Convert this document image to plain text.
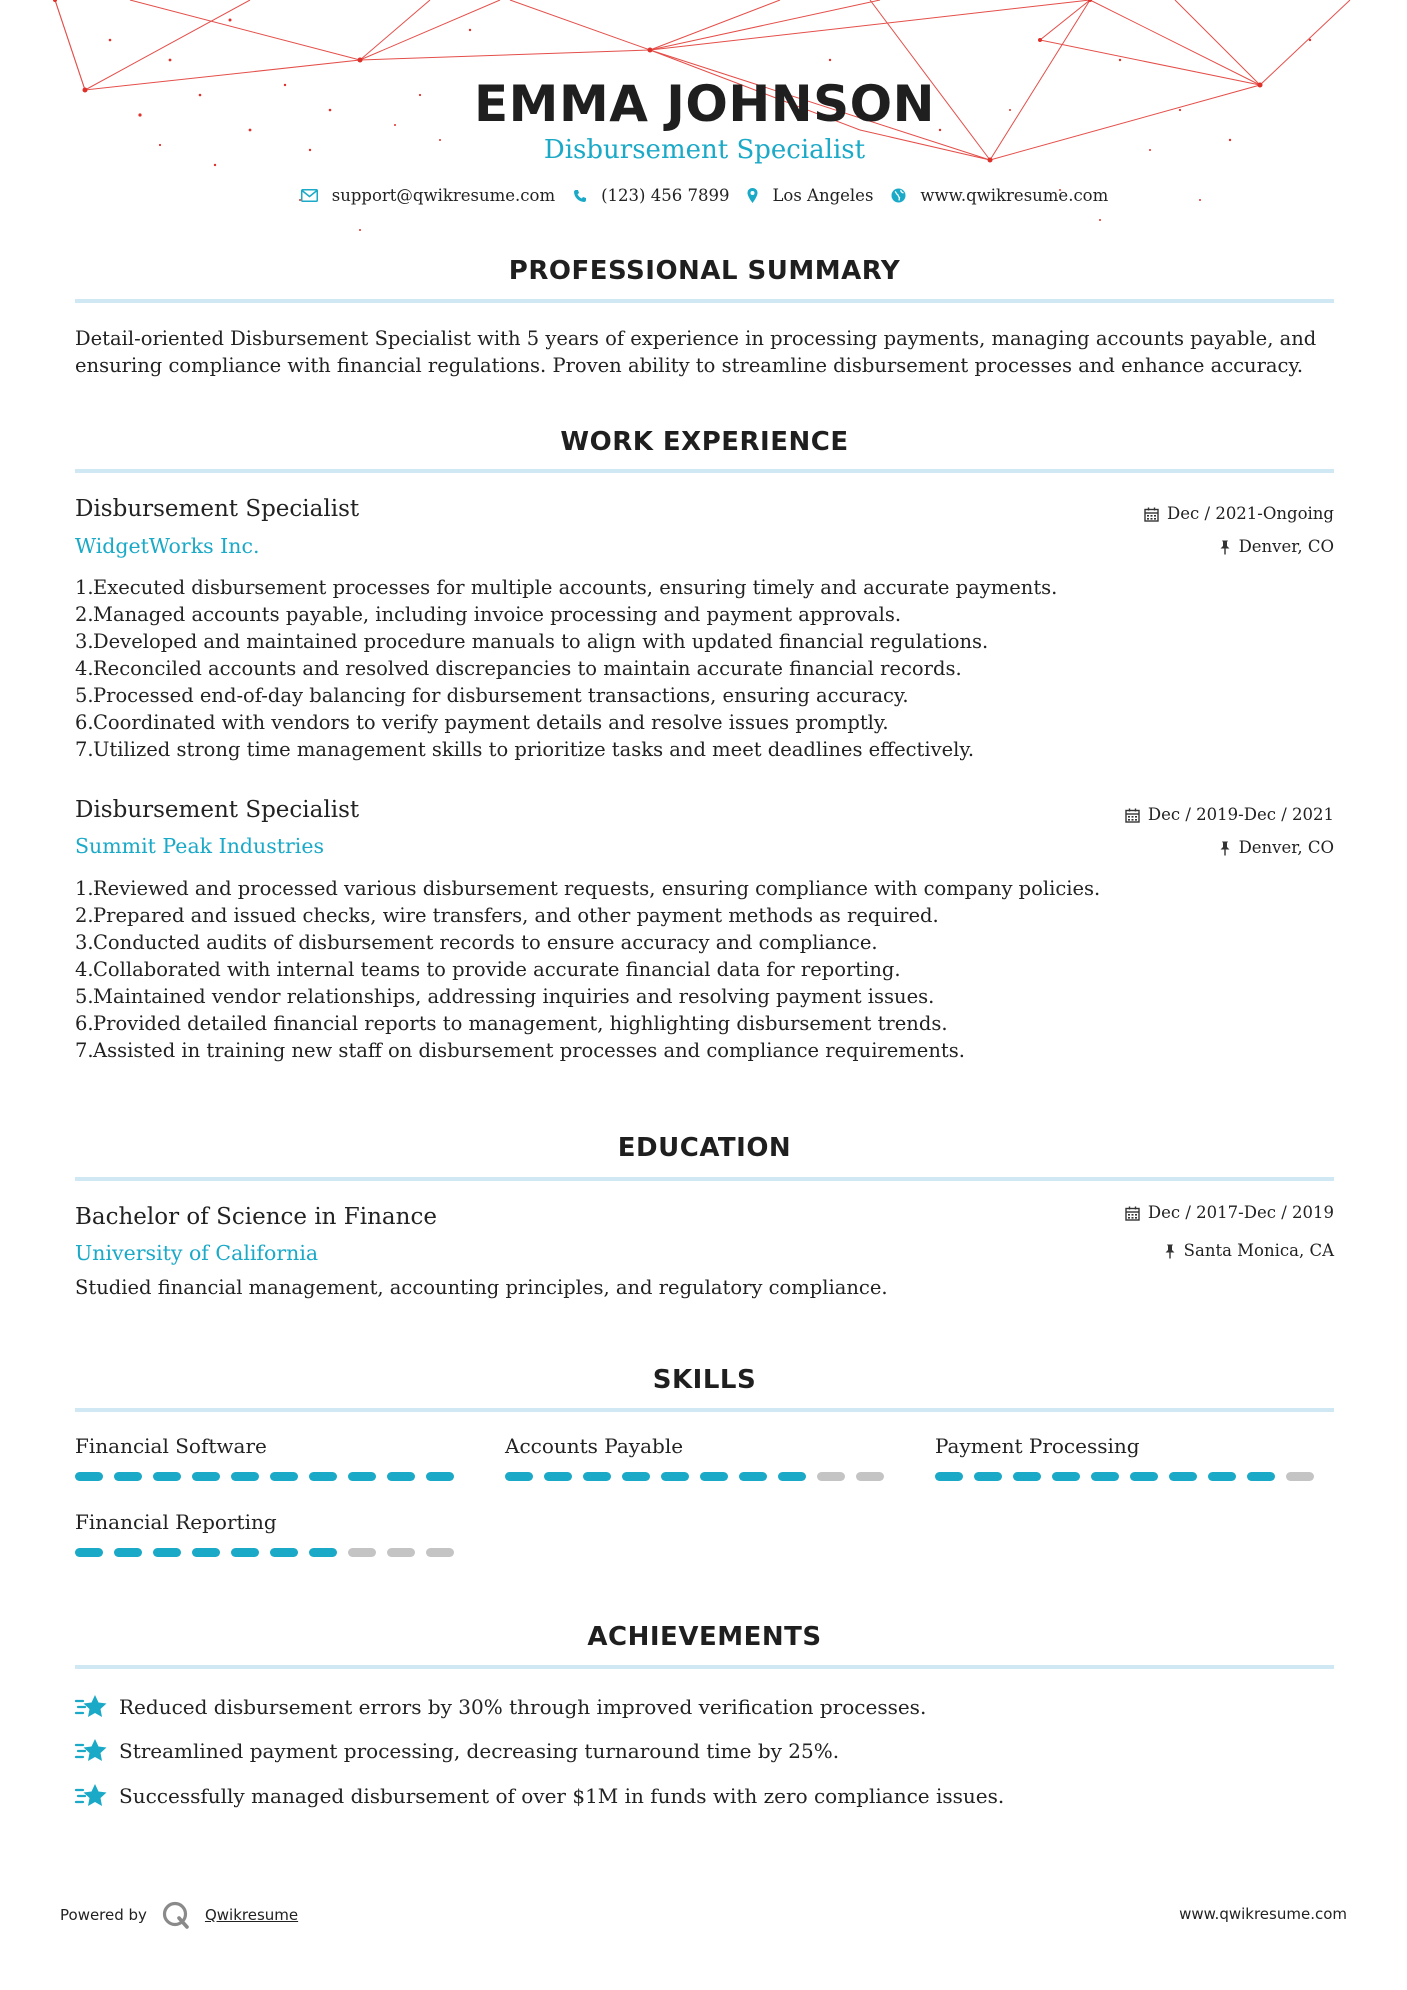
EMMA JOHNSON
Disbursement Specialist
support@qwikresume.com	(123) 456 7899	Los Angeles	www.qwikresume.com
PROFESSIONAL SUMMARY
Detail-oriented Disbursement Specialist with 5 years of experience in processing payments, managing accounts payable, and ensuring compliance with financial regulations. Proven ability to streamline disbursement processes and enhance accuracy.
WORK EXPERIENCE
Disbursement Specialist
WidgetWorks Inc.
Dec / 2021-Ongoing
Denver, CO
1. Executed disbursement processes for multiple accounts, ensuring timely and accurate payments.
2. Managed accounts payable, including invoice processing and payment approvals.
3. Developed and maintained procedure manuals to align with updated financial regulations.
4. Reconciled accounts and resolved discrepancies to maintain accurate financial records.
5. Processed end-of-day balancing for disbursement transactions, ensuring accuracy.
6. Coordinated with vendors to verify payment details and resolve issues promptly.
7. Utilized strong time management skills to prioritize tasks and meet deadlines effectively.
Disbursement Specialist
Summit Peak Industries
Dec / 2019-Dec / 2021
Denver, CO
1. Reviewed and processed various disbursement requests, ensuring compliance with company policies.
2. Prepared and issued checks, wire transfers, and other payment methods as required.
3. Conducted audits of disbursement records to ensure accuracy and compliance.
4. Collaborated with internal teams to provide accurate financial data for reporting.
5. Maintained vendor relationships, addressing inquiries and resolving payment issues.
6. Provided detailed financial reports to management, highlighting disbursement trends.
7. Assisted in training new staff on disbursement processes and compliance requirements.
EDUCATION
Bachelor of Science in Finance
University of California
Dec / 2017-Dec / 2019
Santa Monica, CA
Studied financial management, accounting principles, and regulatory compliance.
SKILLS
Financial Software	Accounts Payable	Payment Processing
Financial Reporting
ACHIEVEMENTS
Reduced disbursement errors by 30% through improved verification processes.
Streamlined payment processing, decreasing turnaround time by 25%.
Successfully managed disbursement of over $1M in funds with zero compliance issues.
Powered by	Qwikresume	www.qwikresume.com
